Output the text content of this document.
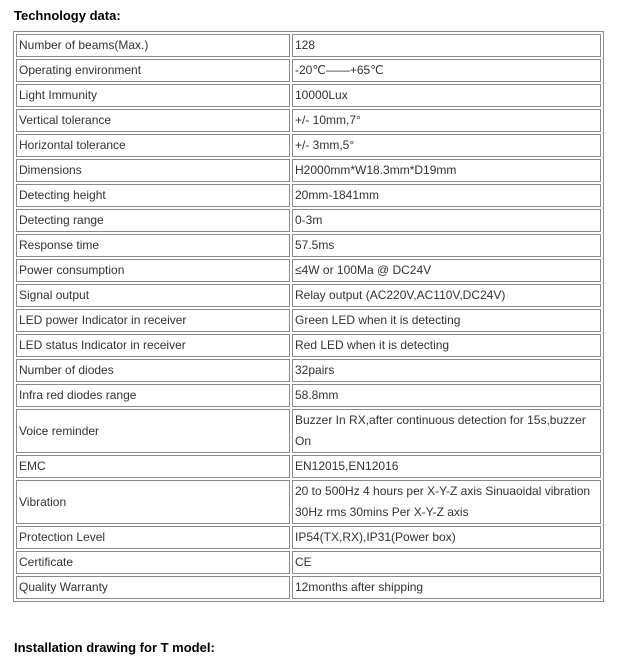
Technology data:
Number of beams(Max.)	128

Operating environment	-20℃——+65℃

Light Immunity	10000Lux

Vertical tolerance	+/- 10mm,7°

Horizontal tolerance	+/- 3mm,5°

Dimensions	H2000mm*W18.3mm*D19mm

Detecting height	20mm-1841mm

Detecting range	0-3m

Response time	57.5ms

Power consumption	≤4W or 100Ma @ DC24V

Signal output	Relay output (AC220V,AC110V,DC24V)

LED power Indicator in receiver	Green LED when it is detecting

LED status Indicator in receiver	Red LED when it is detecting

Number of diodes	32pairs

Infra red diodes range	58.8mm

Voice reminder	Buzzer In RX,after continuous detection for 15s,buzzer
On

EMC	EN12015,EN12016

Vibration	20 to 500Hz 4 hours per X-Y-Z axis Sinuaoidal vibration
30Hz rms 30mins Per X-Y-Z axis

Protection Level	IP54(TX,RX),IP31(Power box)

Certificate	CE

Quality Warranty	12months after shipping
Installation drawing for T model:
